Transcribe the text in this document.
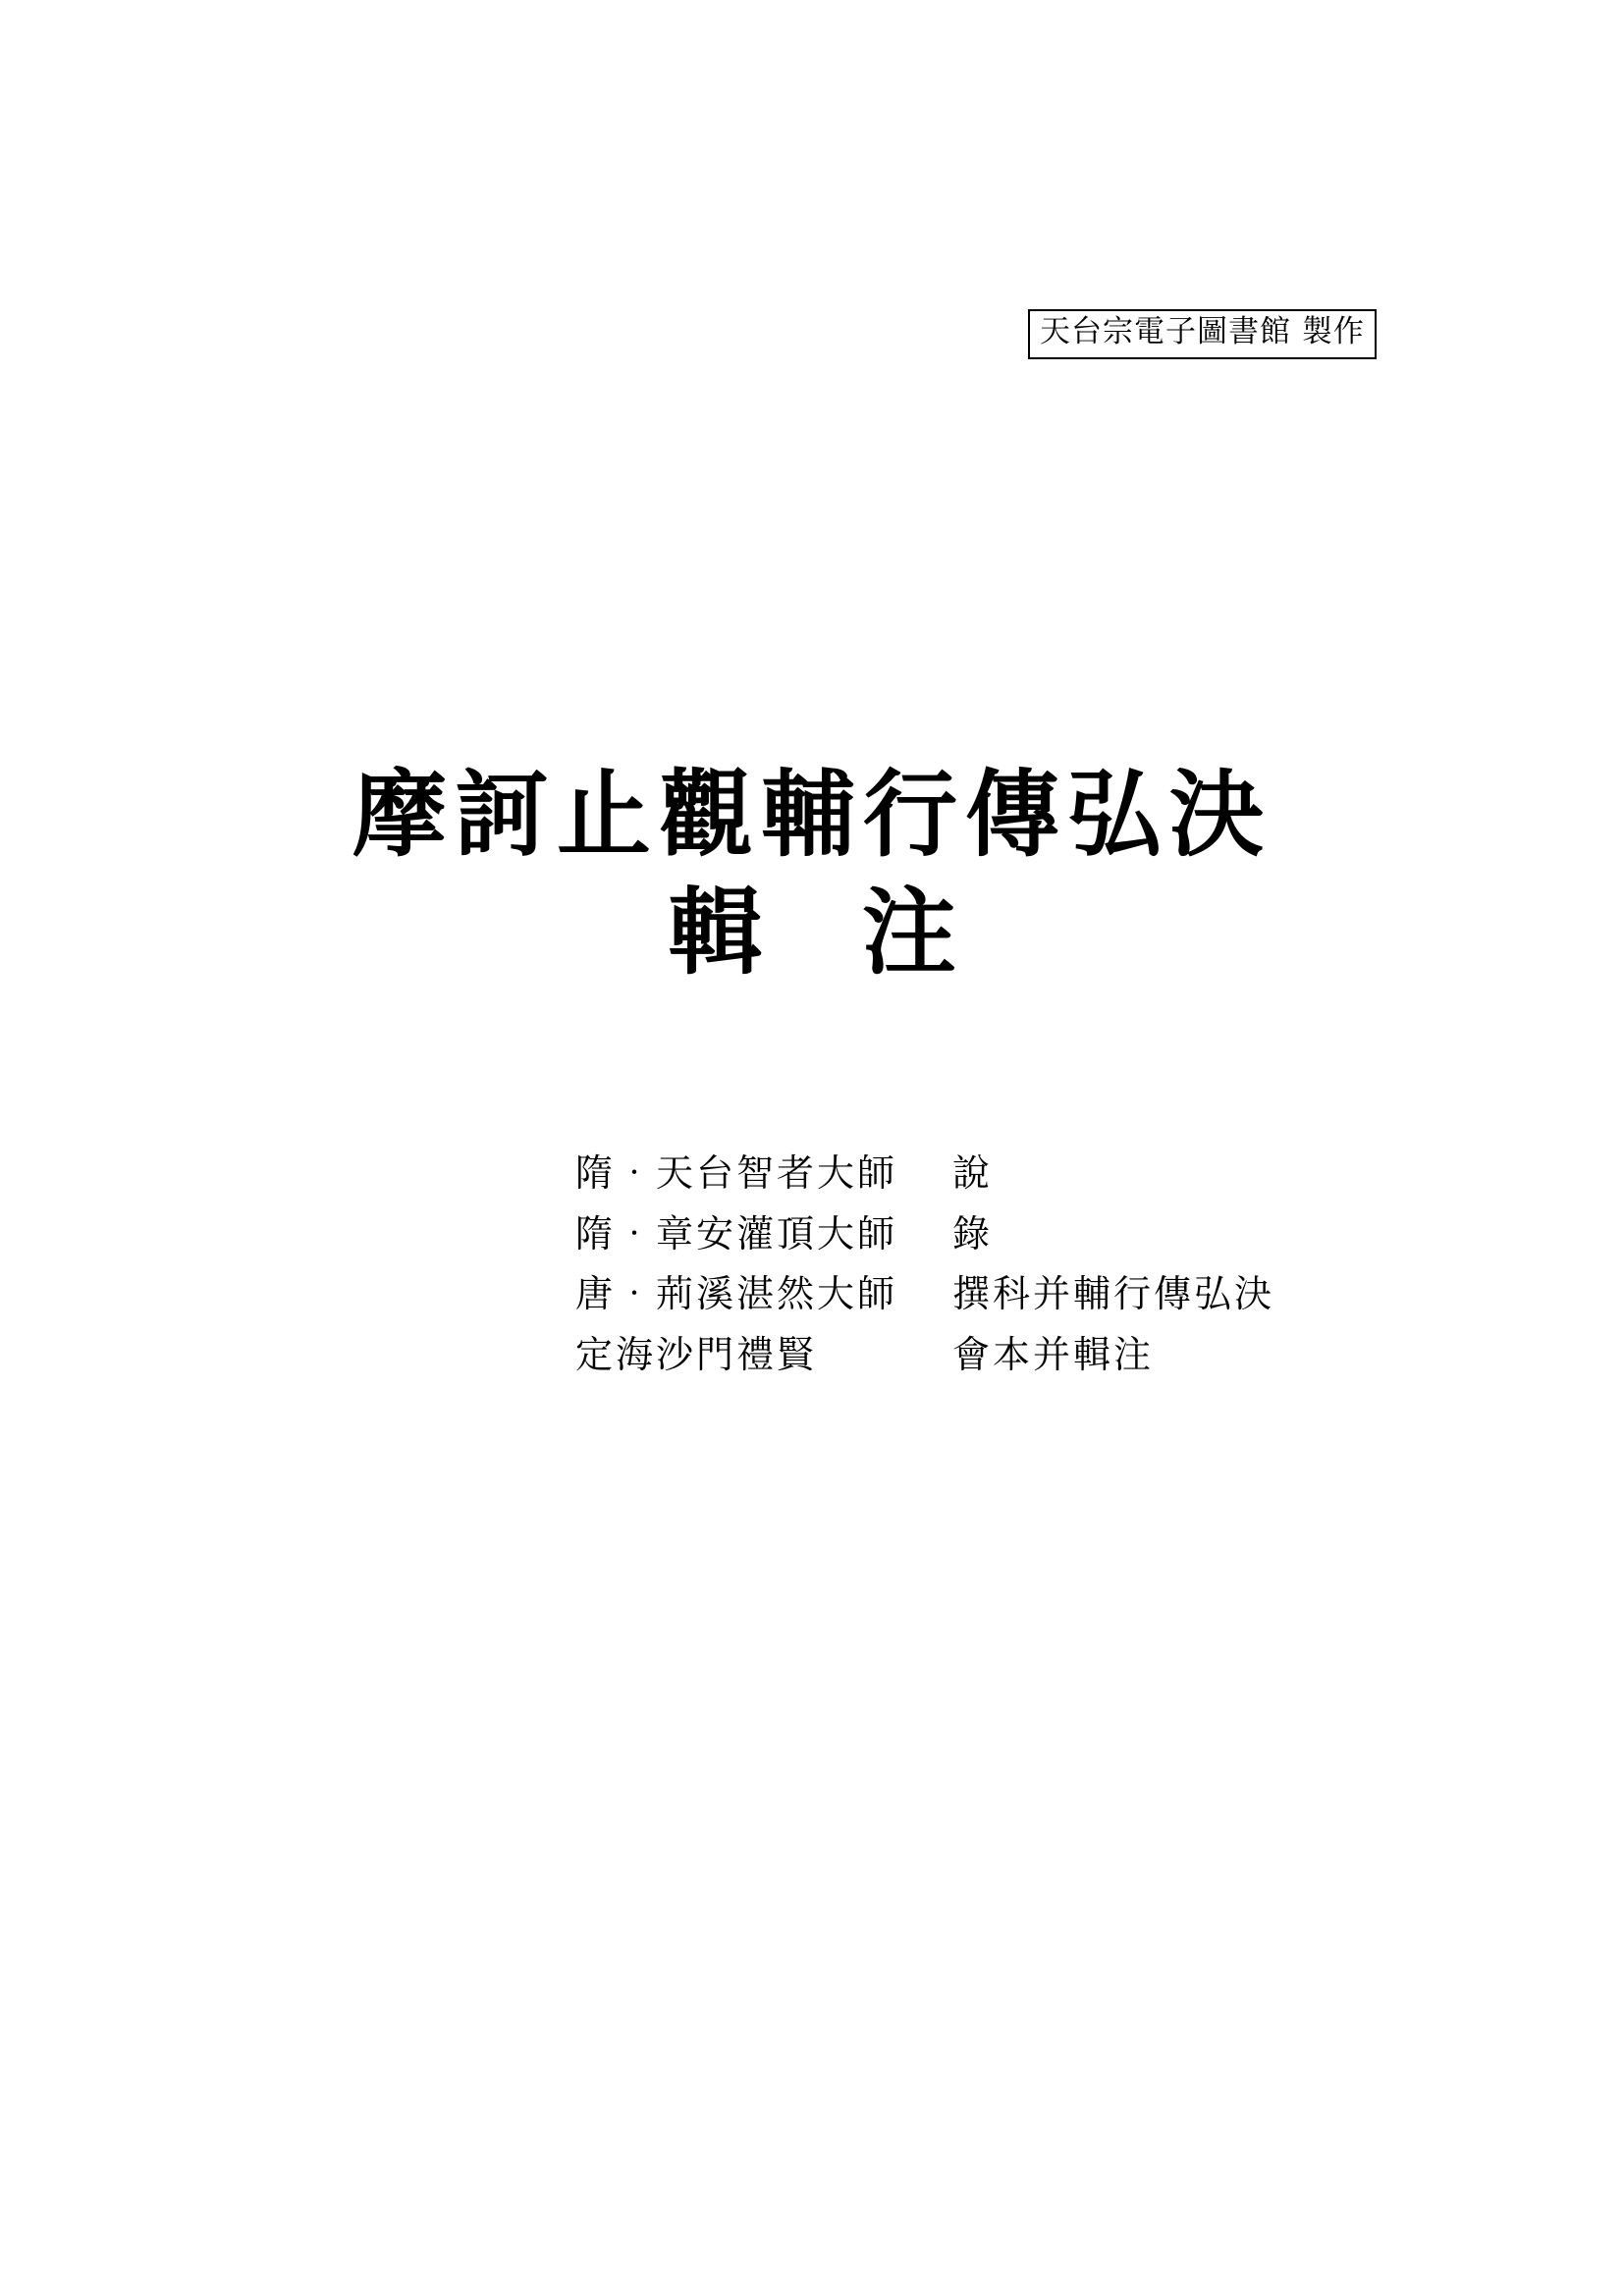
天台宗電子圖書館 製作
摩訶止觀輔行傳弘決
輯 注
隋‧天台智者大師	說
隋‧章安灌頂大師	錄
唐‧荊溪湛然大師	撰科并輔行傳弘決
定海沙門禮賢	會本并輯注
